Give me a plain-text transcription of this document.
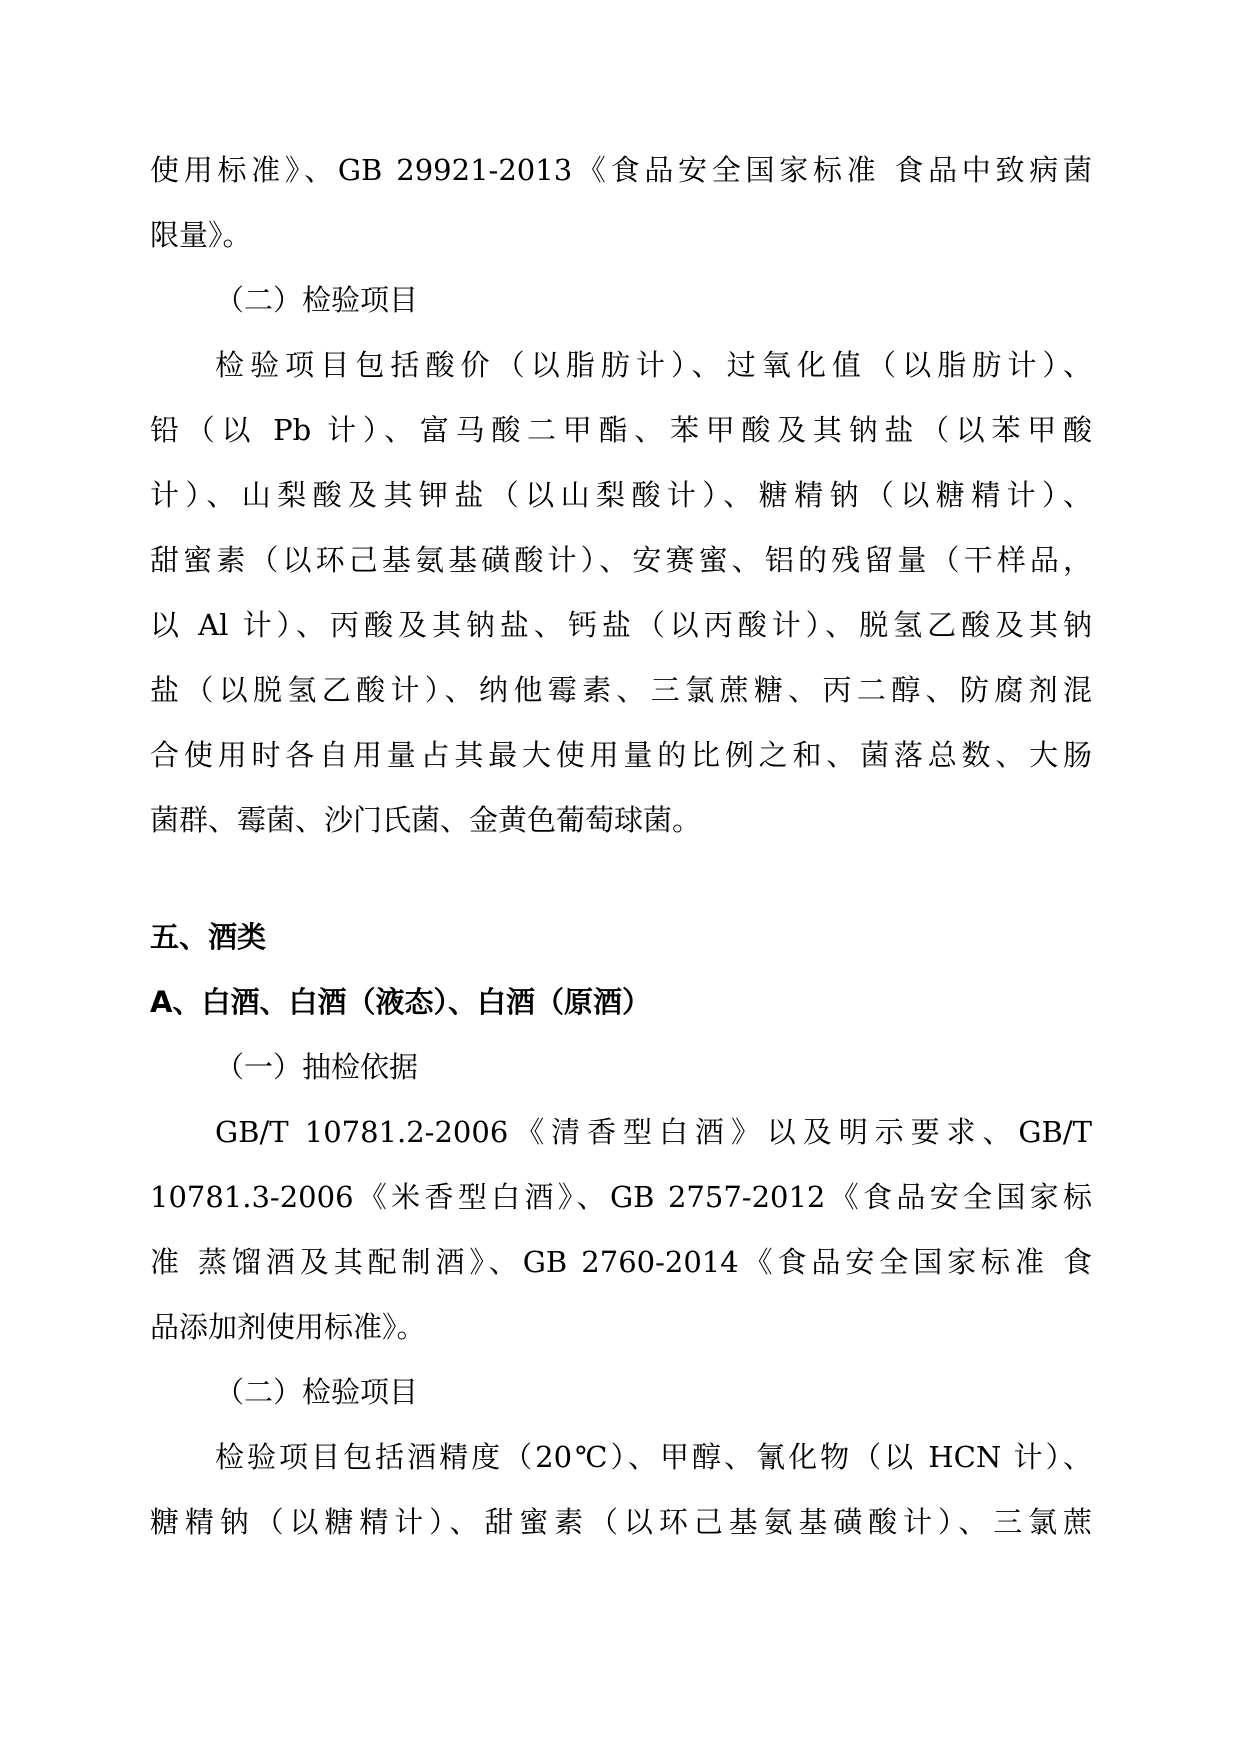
使用标准》、GB 29921-2013《食品安全国家标准 食品中致病菌
限量》。
（二）检验项目
检验项目包括酸价（以脂肪计）、过氧化值（以脂肪计）、
铅（以 Pb 计）、富马酸二甲酯、苯甲酸及其钠盐（以苯甲酸
计）、山梨酸及其钾盐（以山梨酸计）、糖精钠（以糖精计）、
甜蜜素（以环己基氨基磺酸计）、安赛蜜、铝的残留量（干样品，
以 Al 计）、丙酸及其钠盐、钙盐（以丙酸计）、脱氢乙酸及其钠
盐（以脱氢乙酸计）、纳他霉素、三氯蔗糖、丙二醇、防腐剂混
合使用时各自用量占其最大使用量的比例之和、菌落总数、大肠
菌群、霉菌、沙门氏菌、金黄色葡萄球菌。
五、酒类
A、白酒、白酒（液态）、白酒（原酒）
（一）抽检依据
GB/T 10781.2-2006《清香型白酒》以及明示要求、GB/T
10781.3-2006《米香型白酒》、GB 2757-2012《食品安全国家标
准 蒸馏酒及其配制酒》、GB 2760-2014《食品安全国家标准 食
品添加剂使用标准》。
（二）检验项目
检验项目包括酒精度（20℃）、甲醇、氰化物（以 HCN 计）、
糖精钠（以糖精计）、甜蜜素（以环己基氨基磺酸计）、三氯蔗
